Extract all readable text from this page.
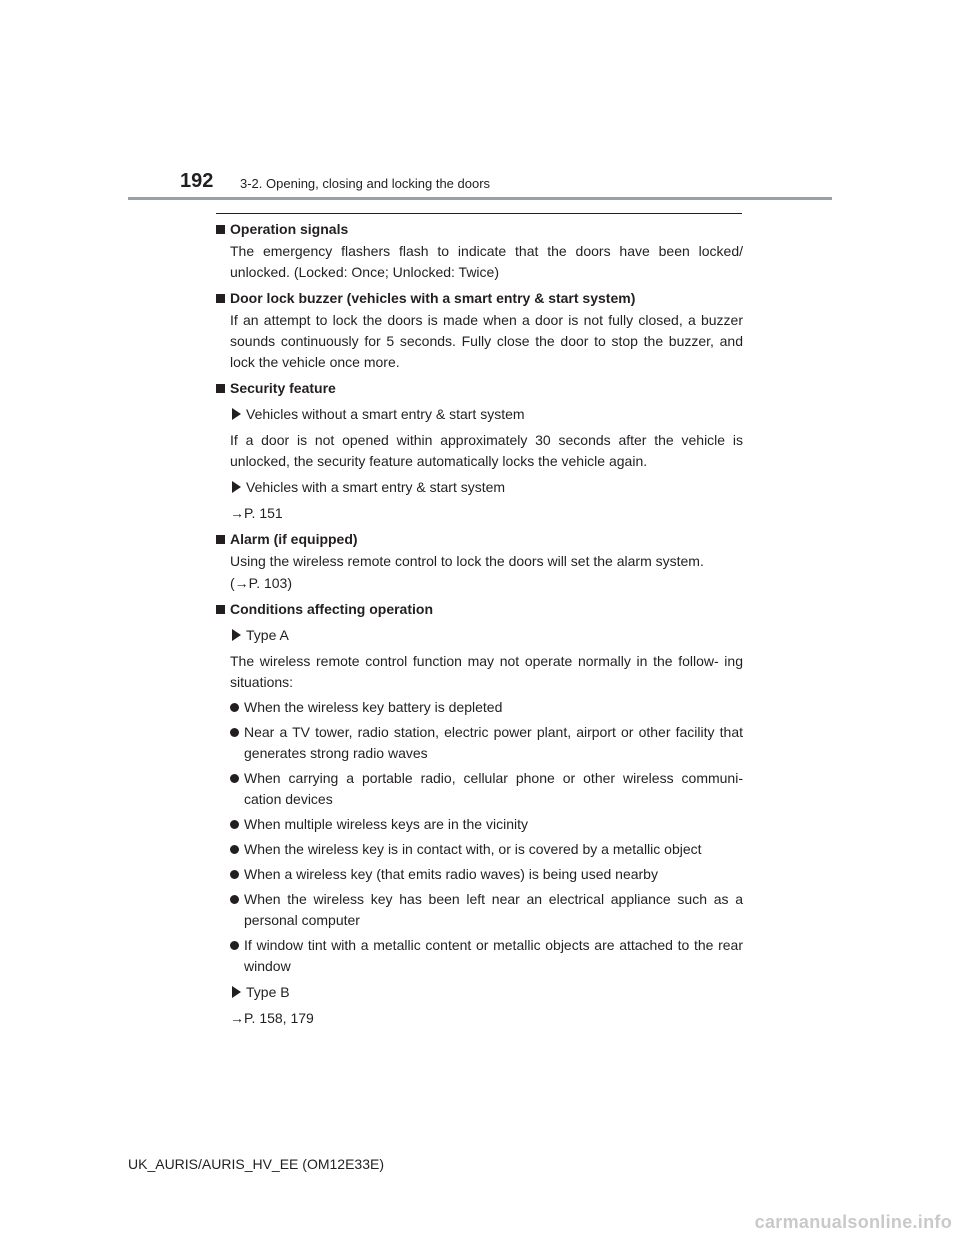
192 3-2. Opening, closing and locking the doors
Operation signals
The emergency flashers flash to indicate that the doors have been locked/ unlocked. (Locked: Once; Unlocked: Twice)
Door lock buzzer (vehicles with a smart entry & start system)
If an attempt to lock the doors is made when a door is not fully closed, a buzzer sounds continuously for 5 seconds. Fully close the door to stop the buzzer, and lock the vehicle once more.
Security feature
Vehicles without a smart entry & start system
If a door is not opened within approximately 30 seconds after the vehicle is unlocked, the security feature automatically locks the vehicle again.
Vehicles with a smart entry & start system
→P. 151
Alarm (if equipped)
Using the wireless remote control to lock the doors will set the alarm system.
(→P. 103)
Conditions affecting operation
Type A
The wireless remote control function may not operate normally in the follow- ing situations:
When the wireless key battery is depleted
Near a TV tower, radio station, electric power plant, airport or other facility that generates strong radio waves
When carrying a portable radio, cellular phone or other wireless communi- cation devices
When multiple wireless keys are in the vicinity
When the wireless key is in contact with, or is covered by a metallic object
When a wireless key (that emits radio waves) is being used nearby
When the wireless key has been left near an electrical appliance such as a personal computer
If window tint with a metallic content or metallic objects are attached to the rear window
Type B
→P. 158, 179
UK_AURIS/AURIS_HV_EE (OM12E33E)
carmanualsonline.info
